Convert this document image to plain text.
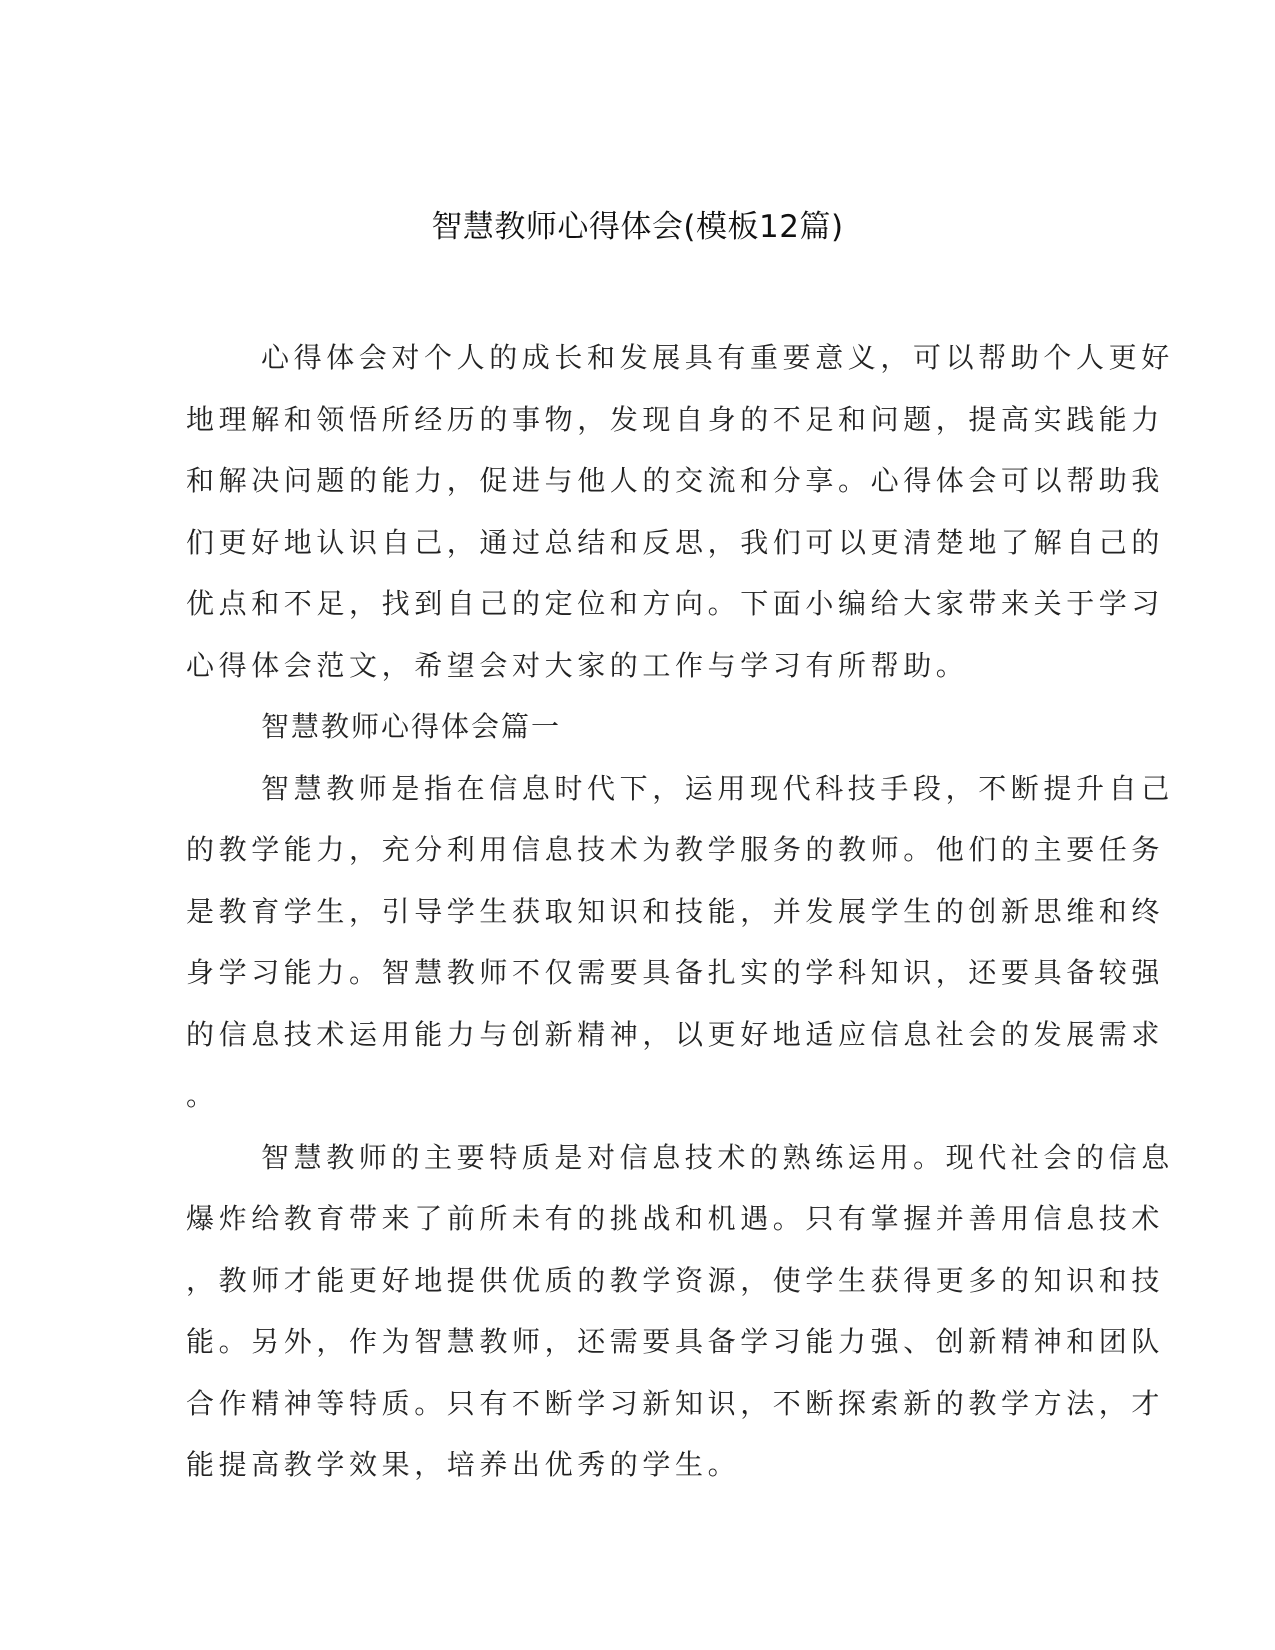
智慧教师心得体会(模板12篇)
心得体会对个人的成长和发展具有重要意义，可以帮助个人更好
地理解和领悟所经历的事物，发现自身的不足和问题，提高实践能力
和解决问题的能力，促进与他人的交流和分享。心得体会可以帮助我
们更好地认识自己，通过总结和反思，我们可以更清楚地了解自己的
优点和不足，找到自己的定位和方向。下面小编给大家带来关于学习
心得体会范文，希望会对大家的工作与学习有所帮助。
智慧教师心得体会篇一
智慧教师是指在信息时代下，运用现代科技手段，不断提升自己
的教学能力，充分利用信息技术为教学服务的教师。他们的主要任务
是教育学生，引导学生获取知识和技能，并发展学生的创新思维和终
身学习能力。智慧教师不仅需要具备扎实的学科知识，还要具备较强
的信息技术运用能力与创新精神，以更好地适应信息社会的发展需求
。
智慧教师的主要特质是对信息技术的熟练运用。现代社会的信息
爆炸给教育带来了前所未有的挑战和机遇。只有掌握并善用信息技术
，教师才能更好地提供优质的教学资源，使学生获得更多的知识和技
能。另外，作为智慧教师，还需要具备学习能力强、创新精神和团队
合作精神等特质。只有不断学习新知识，不断探索新的教学方法，才
能提高教学效果，培养出优秀的学生。
